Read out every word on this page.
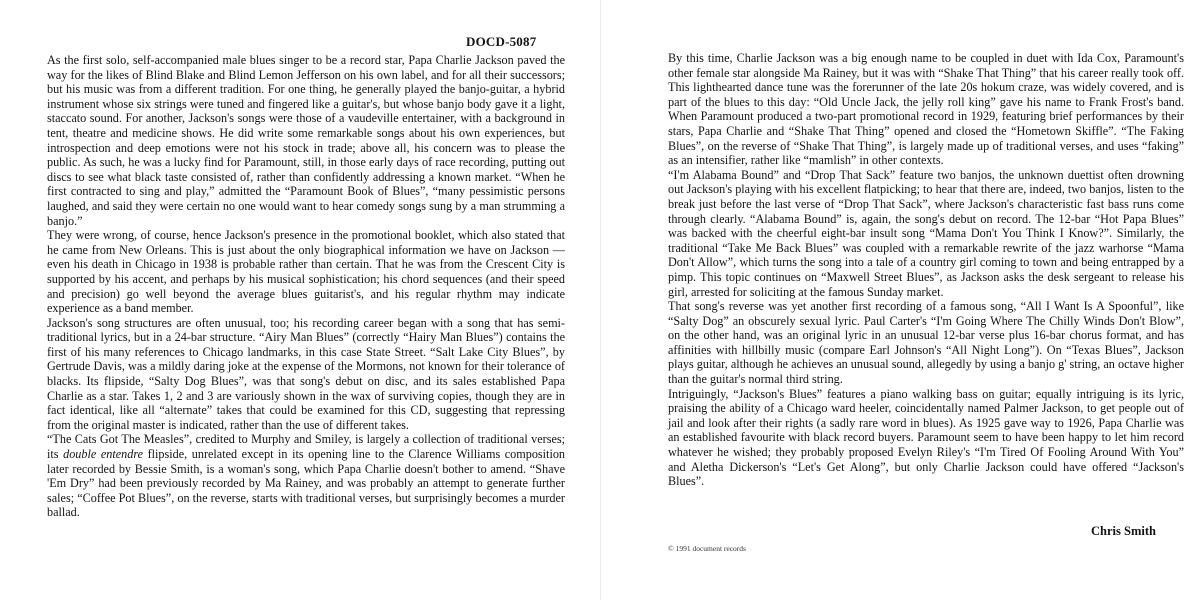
DOCD-5087

As the first solo, self-accompanied male blues singer to be a record star, Papa Charlie Jackson paved the way for the likes of Blind Blake and Blind Lemon Jefferson on his own label, and for all their successors; but his music was from a different tradition. For one thing, he generally played the banjo-guitar, a hybrid instrument whose six strings were tuned and fingered like a guitar's, but whose banjo body gave it a light, staccato sound. For another, Jackson's songs were those of a vaudeville entertainer, with a background in tent, theatre and medicine shows. He did write some remarkable songs about his own experiences, but introspection and deep emotions were not his stock in trade; above all, his concern was to please the public. As such, he was a lucky find for Paramount, still, in those early days of race recording, putting out discs to see what black taste consisted of, rather than confidently addressing a known market. “When he first contracted to sing and play,” admitted the “Paramount Book of Blues”, “many pessimistic persons laughed, and said they were certain no one would want to hear comedy songs sung by a man strumming a banjo.”

They were wrong, of course, hence Jackson's presence in the promotional booklet, which also stated that he came from New Orleans. This is just about the only biographical information we have on Jackson — even his death in Chicago in 1938 is probable rather than certain. That he was from the Crescent City is supported by his accent, and perhaps by his musical sophistication; his chord sequences (and their speed and precision) go well beyond the average blues guitarist's, and his regular rhythm may indicate experience as a band member.

Jackson's song structures are often unusual, too; his recording career began with a song that has semi-traditional lyrics, but in a 24-bar structure. “Airy Man Blues” (correctly “Hairy Man Blues”) contains the first of his many references to Chicago landmarks, in this case State Street. “Salt Lake City Blues”, by Gertrude Davis, was a mildly daring joke at the expense of the Mormons, not known for their tolerance of blacks. Its flipside, “Salty Dog Blues”, was that song's debut on disc, and its sales established Papa Charlie as a star. Takes 1, 2 and 3 are variously shown in the wax of surviving copies, though they are in fact identical, like all “alternate” takes that could be examined for this CD, suggesting that repressing from the original master is indicated, rather than the use of different takes.

“The Cats Got The Measles”, credited to Murphy and Smiley, is largely a collection of traditional verses; its double entendre flipside, unrelated except in its opening line to the Clarence Williams composition later recorded by Bessie Smith, is a woman's song, which Papa Charlie doesn't bother to amend. “Shave 'Em Dry” had been previously recorded by Ma Rainey, and was probably an attempt to generate further sales; “Coffee Pot Blues”, on the reverse, starts with traditional verses, but surprisingly becomes a murder ballad.

By this time, Charlie Jackson was a big enough name to be coupled in duet with Ida Cox, Paramount's other female star alongside Ma Rainey, but it was with “Shake That Thing” that his career really took off. This lighthearted dance tune was the forerunner of the late 20s hokum craze, was widely covered, and is part of the blues to this day: “Old Uncle Jack, the jelly roll king” gave his name to Frank Frost's band. When Paramount produced a two-part promotional record in 1929, featuring brief performances by their stars, Papa Charlie and “Shake That Thing” opened and closed the “Hometown Skiffle”. “The Faking Blues”, on the reverse of “Shake That Thing”, is largely made up of traditional verses, and uses “faking” as an intensifier, rather like “mamlish” in other contexts.

“I'm Alabama Bound” and “Drop That Sack” feature two banjos, the unknown duettist often drowning out Jackson's playing with his excellent flatpicking; to hear that there are, indeed, two banjos, listen to the break just before the last verse of “Drop That Sack”, where Jackson's characteristic fast bass runs come through clearly. “Alabama Bound” is, again, the song's debut on record. The 12-bar “Hot Papa Blues” was backed with the cheerful eight-bar insult song “Mama Don't You Think I Know?”. Similarly, the traditional “Take Me Back Blues” was coupled with a remarkable rewrite of the jazz warhorse “Mama Don't Allow”, which turns the song into a tale of a country girl coming to town and being entrapped by a pimp. This topic continues on “Maxwell Street Blues”, as Jackson asks the desk sergeant to release his girl, arrested for soliciting at the famous Sunday market.

That song's reverse was yet another first recording of a famous song, “All I Want Is A Spoonful”, like “Salty Dog” an obscurely sexual lyric. Paul Carter's “I'm Going Where The Chilly Winds Don't Blow”, on the other hand, was an original lyric in an unusual 12-bar verse plus 16-bar chorus format, and has affinities with hillbilly music (compare Earl Johnson's “All Night Long”). On “Texas Blues”, Jackson plays guitar, although he achieves an unusual sound, allegedly by using a banjo g' string, an octave higher than the guitar's normal third string.

Intriguingly, “Jackson's Blues” features a piano walking bass on guitar; equally intriguing is its lyric, praising the ability of a Chicago ward heeler, coincidentally named Palmer Jackson, to get people out of jail and look after their rights (a sadly rare word in blues). As 1925 gave way to 1926, Papa Charlie was an established favourite with black record buyers. Paramount seem to have been happy to let him record whatever he wished; they probably proposed Evelyn Riley's “I'm Tired Of Fooling Around With You” and Aletha Dickerson's “Let's Get Along”, but only Charlie Jackson could have offered “Jackson's Blues”.

Chris Smith
© 1991 document records
